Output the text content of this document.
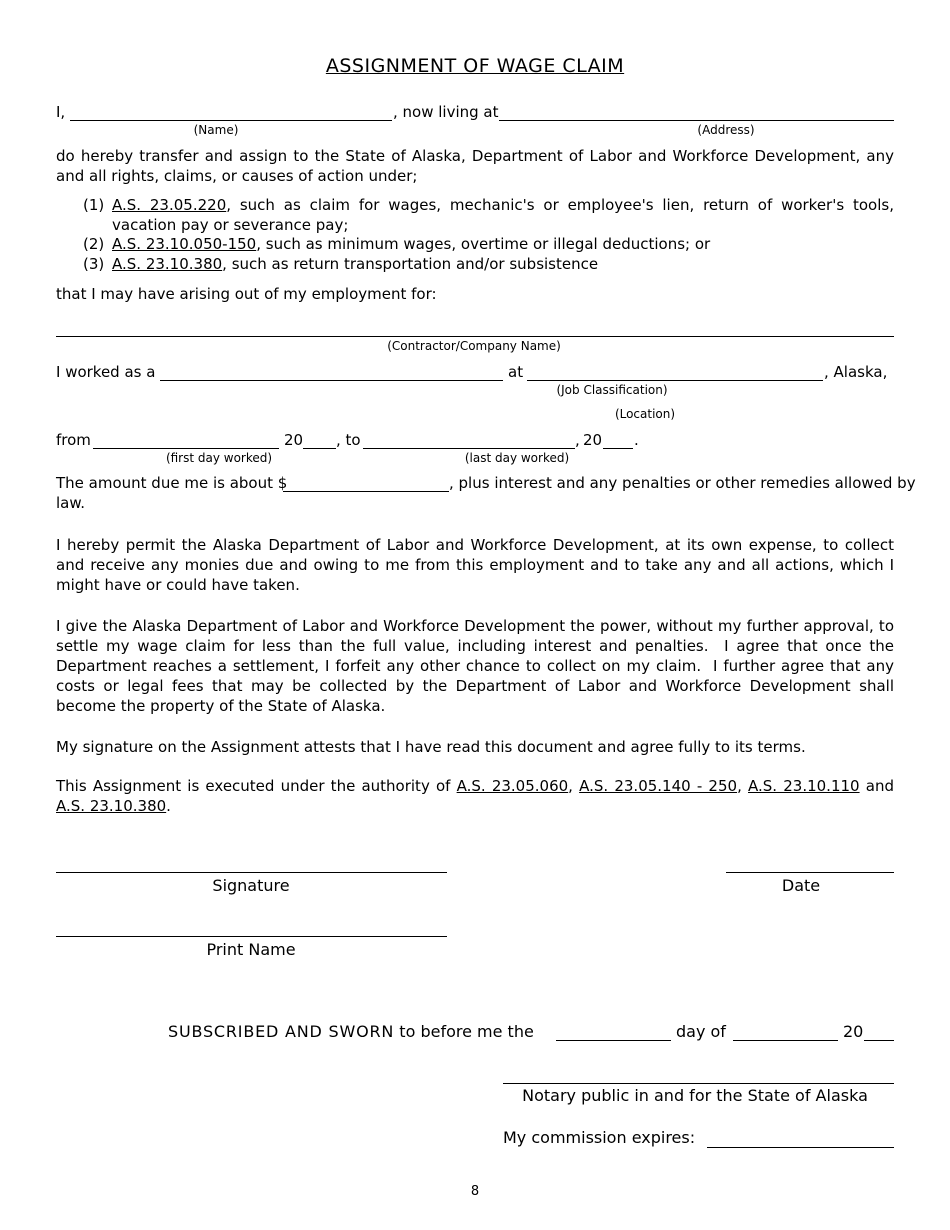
ASSIGNMENT OF WAGE CLAIM
I,	, now living at
(Name)	(Address)
do hereby transfer and assign to the State of Alaska, Department of Labor and Workforce Development, any and all rights, claims, or causes of action under;
(1) A.S. 23.05.220, such as claim for wages, mechanic's or employee's lien, return of worker's tools, vacation pay or severance pay;
(2) A.S. 23.10.050-150, such as minimum wages, overtime or illegal deductions; or
(3) A.S. 23.10.380, such as return transportation and/or subsistence
that I may have arising out of my employment for:
(Contractor/Company Name)
I worked as a	at	, Alaska,
(Job Classification)
(Location)
from	20 , to	, 20 .
(first day worked)	(last day worked)
The amount due me is about $	, plus interest and any penalties or other remedies allowed by
law.
I hereby permit the Alaska Department of Labor and Workforce Development, at its own expense, to collect and receive any monies due and owing to me from this employment and to take any and all actions, which I might have or could have taken.
I give the Alaska Department of Labor and Workforce Development the power, without my further approval, to settle my wage claim for less than the full value, including interest and penalties.  I agree that once the Department reaches a settlement, I forfeit any other chance to collect on my claim.  I further agree that any costs or legal fees that may be collected by the Department of Labor and Workforce Development shall become the property of the State of Alaska.
My signature on the Assignment attests that I have read this document and agree fully to its terms.
This Assignment is executed under the authority of A.S. 23.05.060, A.S. 23.05.140 - 250, A.S. 23.10.110 and A.S. 23.10.380.
Signature	Date
Print Name
SUBSCRIBED AND SWORN to before me the	day of	20
Notary public in and for the State of Alaska
My commission expires:
8
